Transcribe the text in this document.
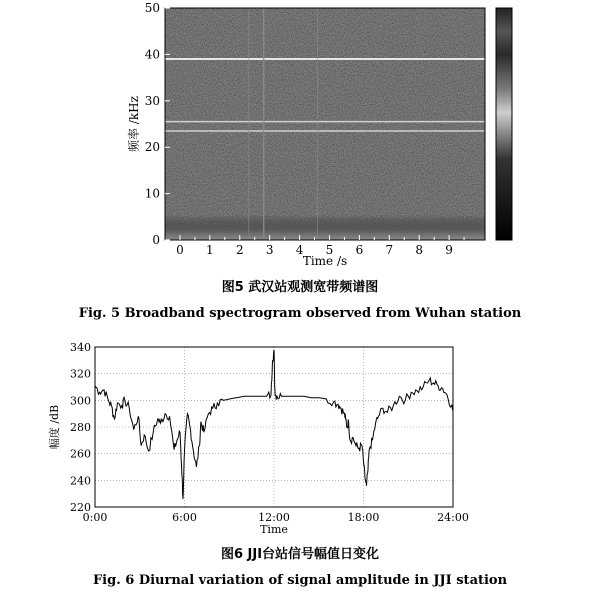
0
10
20
30
40
50
0 1 2 3 4 5 6 7 8 9
Time /s
频率 /kHz
图5 武汉站观测宽带频谱图
Fig. 5 Broadband spectrogram observed from Wuhan station
220
240
260
280
300
320
340
0:00	6:00	12:00	18:00	24:00
Time
幅度 /dB
图6 JJI台站信号幅值日变化
Fig. 6 Diurnal variation of signal amplitude in JJI station
